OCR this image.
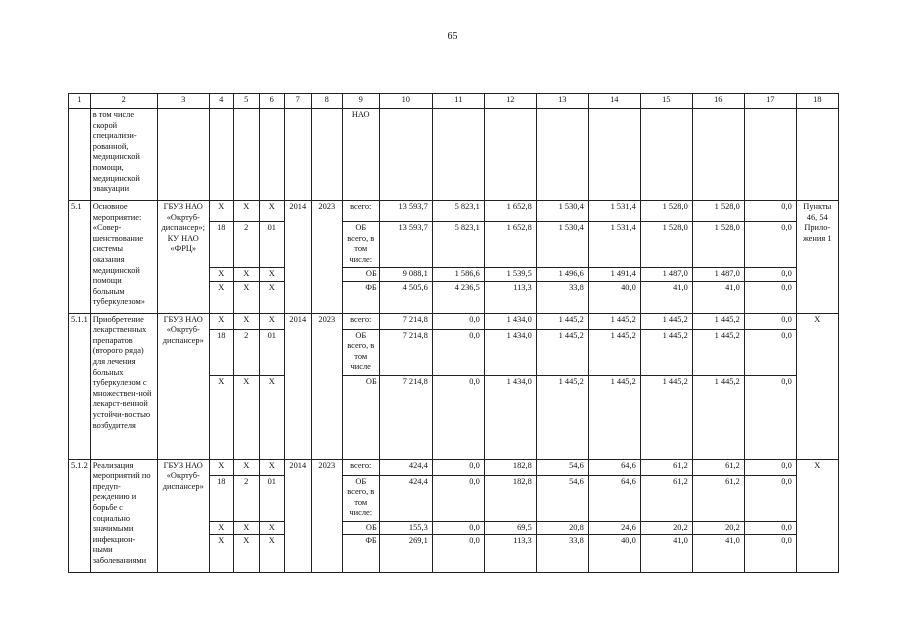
65
1	2	3	4	5	6	7	8	9	10	11	12	13	14	15	16	17	18
	в том числе скорой специализи-рованной, медицинской помощи, медицинской эвакуации							НАО									
5.1	Основное мероприятие: «Совер-шенствование системы оказания медицинской помощи больным туберкулезом»	ГБУЗ НАО «Окртуб-диспансер»; КУ НАО «ФРЦ»	Х	Х	Х	2014	2023	всего:	13 593,7	5 823,1	1 652,8	1 530,4	1 531,4	1 528,0	1 528,0	0,0	Пункты 46, 54 Прило-жения 1
			18	2	01			ОБ всего, в том числе:	13 593,7	5 823,1	1 652,8	1 530,4	1 531,4	1 528,0	1 528,0	0,0	
			Х	Х	Х			ОБ	9 088,1	1 586,6	1 539,5	1 496,6	1 491,4	1 487,0	1 487,0	0,0	
			Х	Х	Х			ФБ	4 505,6	4 236,5	113,3	33,8	40,0	41,0	41,0	0,0	
5.1.1	Приобретение лекарственных препаратов (второго ряда) для лечения больных туберкулезом с множествен-ной лекарст-венной устойчи-востью возбудителя	ГБУЗ НАО «Окртуб-диспансер»	Х	Х	Х	2014	2023	всего:	7 214,8	0,0	1 434,0	1 445,2	1 445,2	1 445,2	1 445,2	0,0	Х
			18	2	01			ОБ всего, в том числе	7 214,8	0,0	1 434,0	1 445,2	1 445,2	1 445,2	1 445,2	0,0	
			Х	Х	Х			ОБ	7 214,8	0,0	1 434,0	1 445,2	1 445,2	1 445,2	1 445,2	0,0	
5.1.2	Реализация мероприятий по предуп-реждению и борьбе с социально значимыми инфекцион-ными заболеваниями	ГБУЗ НАО «Окртуб-диспансер»	Х	Х	Х	2014	2023	всего:	424,4	0,0	182,8	54,6	64,6	61,2	61,2	0,0	Х
			18	2	01			ОБ всего, в том числе:	424,4	0,0	182,8	54,6	64,6	61,2	61,2	0,0	
			Х	Х	Х			ОБ	155,3	0,0	69,5	20,8	24,6	20,2	20,2	0,0	
			Х	Х	Х			ФБ	269,1	0,0	113,3	33,8	40,0	41,0	41,0	0,0	
